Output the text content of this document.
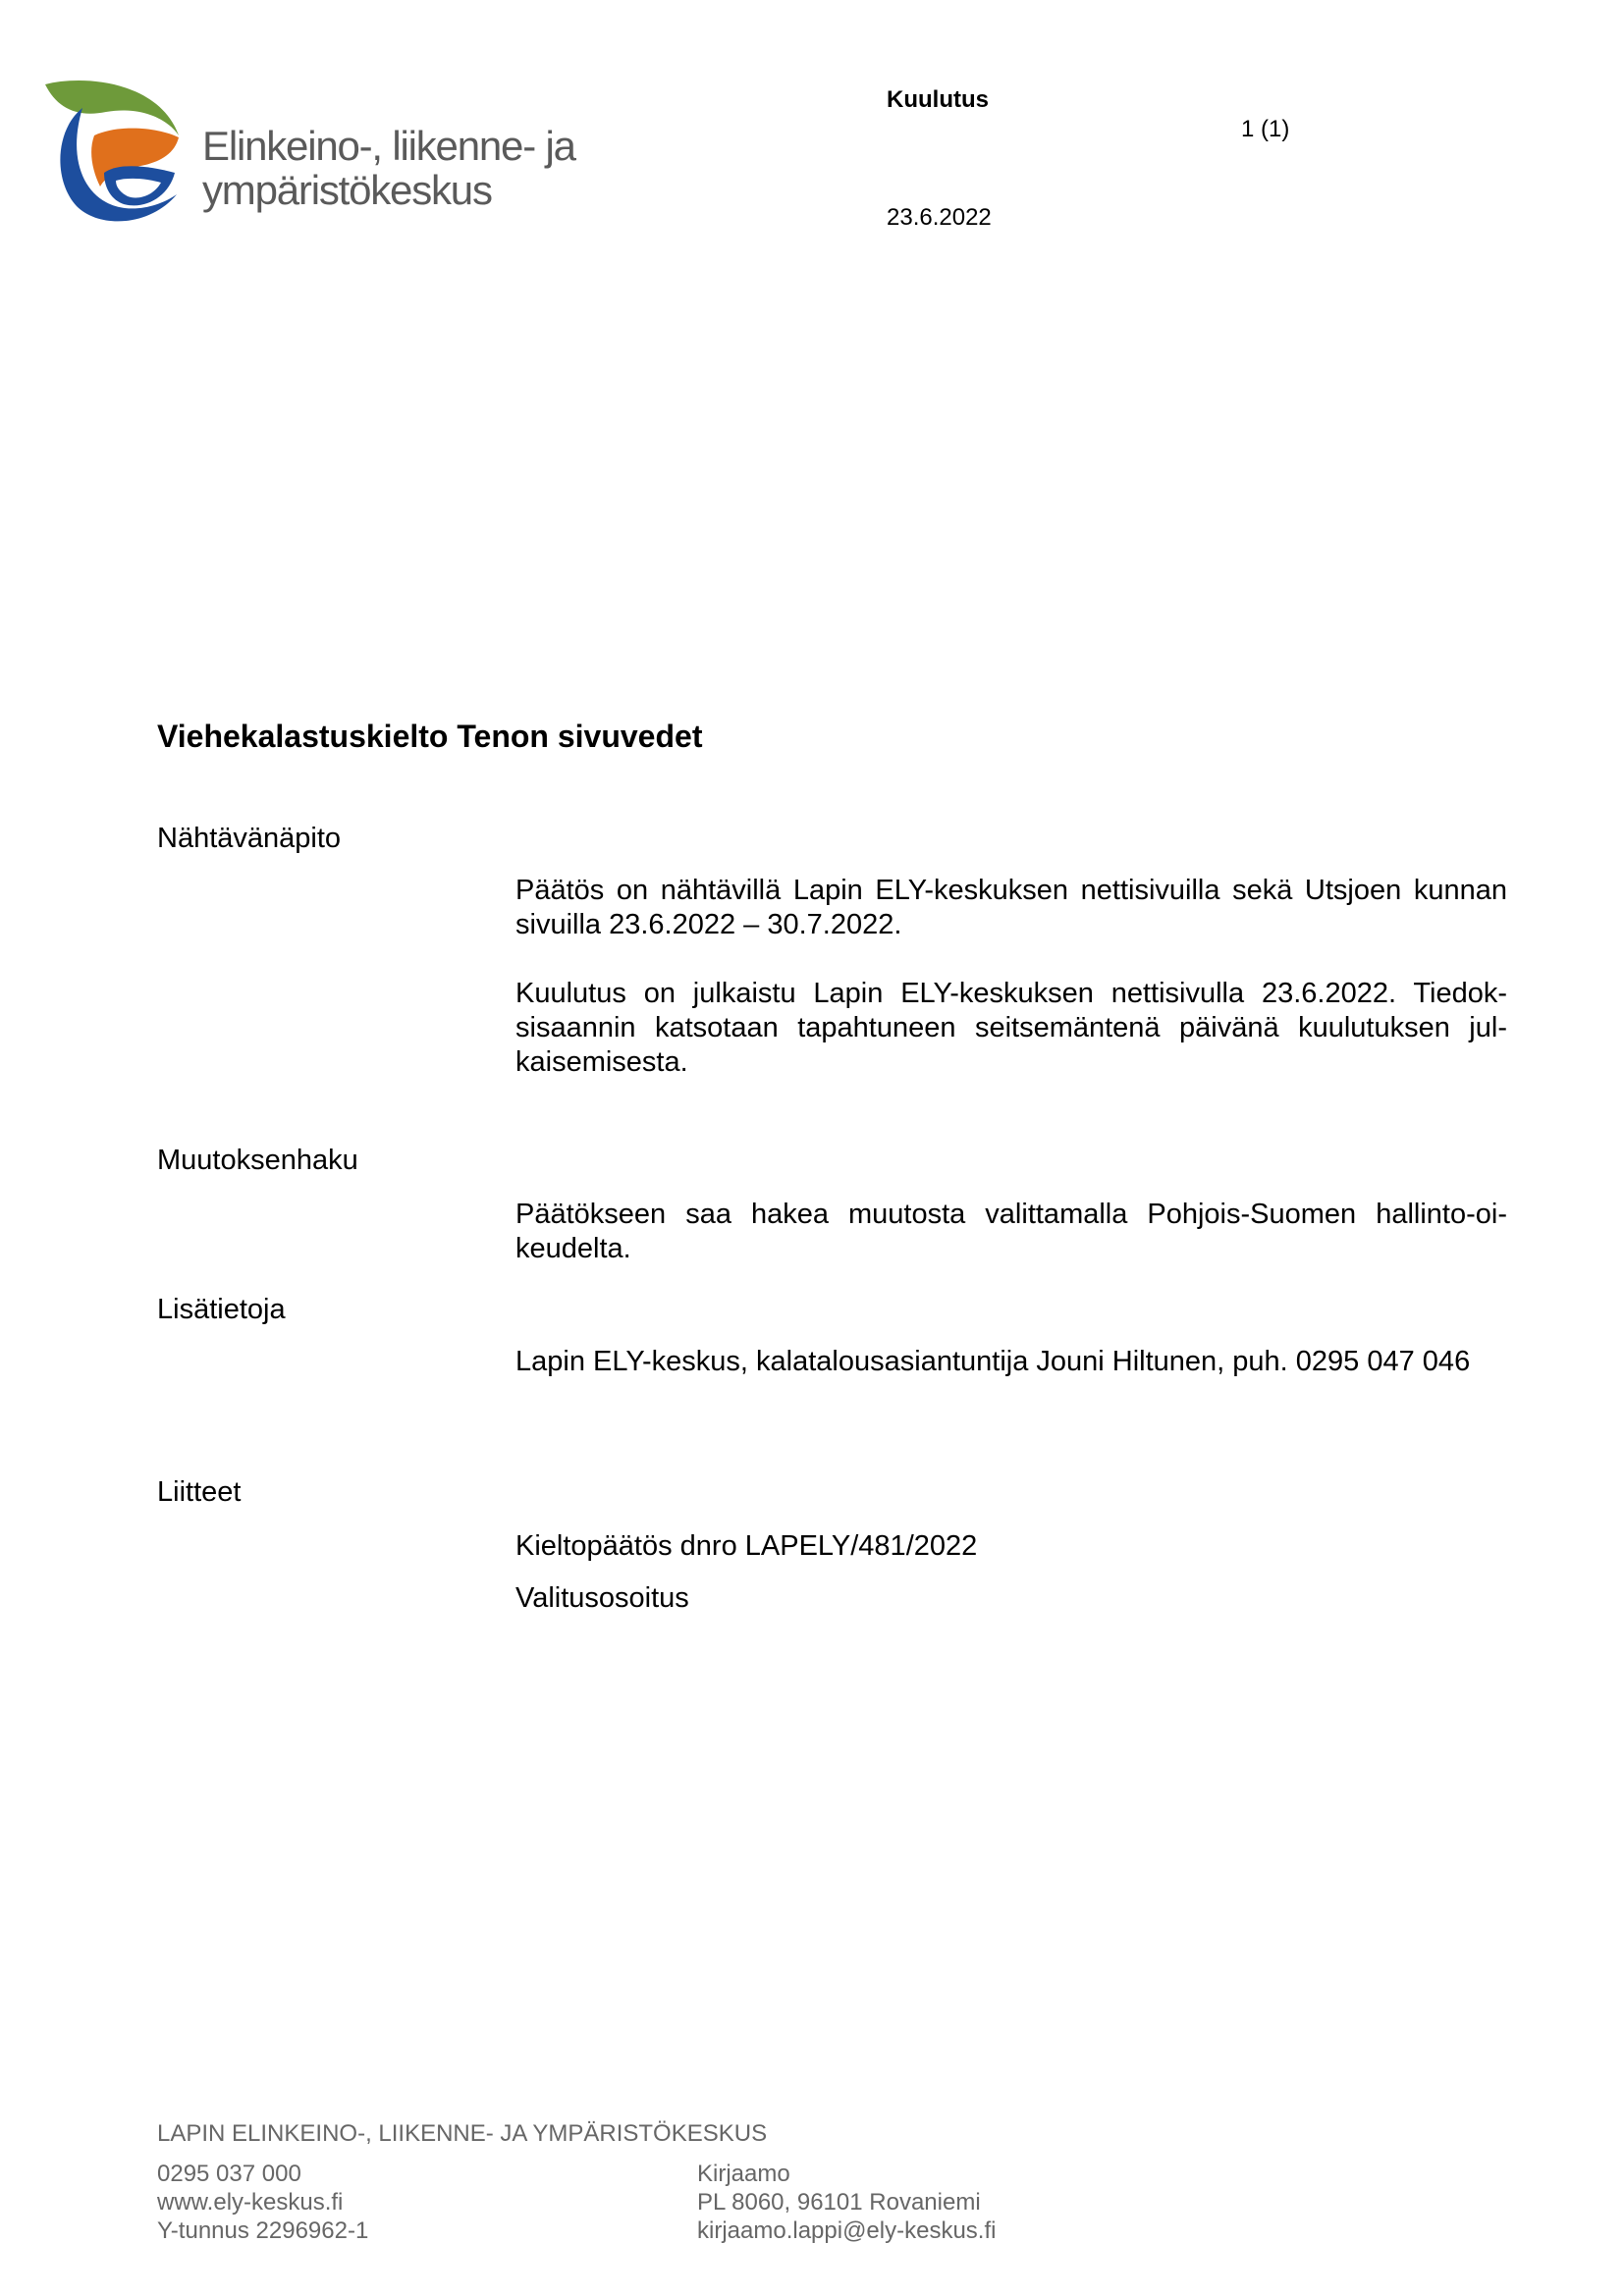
Elinkeino-, liikenne- ja
ympäristökeskus
Kuulutus
1 (1)
23.6.2022
Viehekalastuskielto Tenon sivuvedet
Nähtävänäpito

Päätös on nähtävillä Lapin ELY-keskuksen nettisivuilla sekä Utsjoen kunnan sivuilla 23.6.2022 – 30.7.2022.

Kuulutus on julkaistu Lapin ELY-keskuksen nettisivulla 23.6.2022. Tiedoksisaannin katsotaan tapahtuneen seitsemäntenä päivänä kuulutuksen julkaisemisesta.

Muutoksenhaku

Päätökseen saa hakea muutosta valittamalla Pohjois-Suomen hallinto-oikeudelta.

Lisätietoja

Lapin ELY-keskus, kalatalousasiantuntija Jouni Hiltunen, puh. 0295 047 046

Liitteet

Kieltopäätös dnro LAPELY/481/2022

Valitusosoitus

LAPIN ELINKEINO-, LIIKENNE- JA YMPÄRISTÖKESKUS
0295 037 000
www.ely-keskus.fi
Y-tunnus 2296962-1
Kirjaamo
PL 8060, 96101 Rovaniemi
kirjaamo.lappi@ely-keskus.fi
